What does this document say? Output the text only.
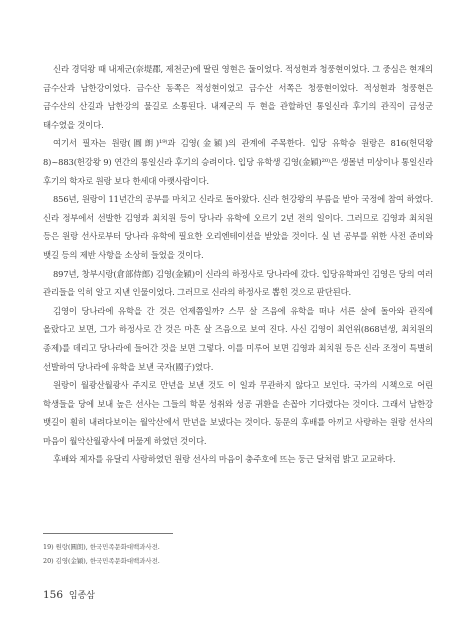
신라 경덕왕 때 내제군(奈堤郡, 제천군)에 딸린 영현은 둘이었다. 적성현과 청풍현이었다. 그 중심은 현재의 금수산과 남한강이었다. 금수산 동쪽은 적성현이었고 금수산 서쪽은 청풍현이었다. 적성현과 청풍현은 금수산의 산길과 남한강의 물길로 소통된다. 내제군의 두 현을 관할하던 통일신라 후기의 관직이 금성군 태수였을 것이다.

여기서 필자는 원랑(圓朗)¹⁹⁾과 김영(金穎)의 관계에 주목한다. 입당 유학승 원랑은 816(헌덕왕 8)~883(헌강왕 9) 연간의 통일신라 후기의 승려이다. 입당 유학생 김영(金穎)²⁰⁾은 생몰년 미상이나 통일신라 후기의 학자로 원랑 보다 한세대 아랫사람이다.

856년, 원랑이 11년간의 공부를 마치고 신라로 돌아왔다. 신라 헌강왕의 부름을 받아 국정에 참여 하였다. 신라 정부에서 선발한 김영과 최치원 등이 당나라 유학에 오르기 2년 전의 일이다. 그러므로 김영과 최치원 등은 원랑 선사로부터 당나라 유학에 필요한 오리엔테이션을 받았을 것이다. 실 년 공부를 위한 사전 준비와 뱃길 등의 제반 사항을 소상히 들었을 것이다.

897년, 창부시랑(倉部侍郎) 김영(金穎)이 신라의 하정사로 당나라에 갔다. 입당유학파인 김영은 당의 여러 관리들을 익히 알고 지낸 인물이었다. 그러므로 신라의 하정사로 뽑힌 것으로 판단된다.

김영이 당나라에 유학을 간 것은 언제쯤일까? 스무 살 즈음에 유학을 떠나 서른 살에 돌아와 관직에 올랐다고 보면, 그가 하정사로 간 것은 마흔 살 즈음으로 보여 진다. 사신 김영이 최언위(868년생, 최치원의 종제)를 데리고 당나라에 들어간 것을 보면 그렇다. 이를 미루어 보면 김영과 최치원 등은 신라 조정이 특별히 선발하여 당나라에 유학을 보낸 국자(國子)였다.

원랑이 월광산월광사 주지로 만년을 보낸 것도 이 일과 무관하지 않다고 보인다. 국가의 시책으로 어린 학생들을 당에 보내 높은 선사는 그들의 학문 성취와 성공 귀환을 손꼽아 기다렸다는 것이다. 그래서 남한강 뱃길이 훤히 내려다보이는 월악산에서 만년을 보냈다는 것이다. 동문의 후배를 아끼고 사랑하는 원랑 선사의 마음이 월악산월광사에 머물게 하였던 것이다.

후배와 제자를 유달리 사랑하였던 원랑 선사의 마음이 충주호에 뜨는 둥근 달처럼 밝고 교교하다.

19) 원랑(圓朗), 한국민족문화대백과사전.
20) 김영(金穎), 한국민족문화대백과사전.
156 임종삼
